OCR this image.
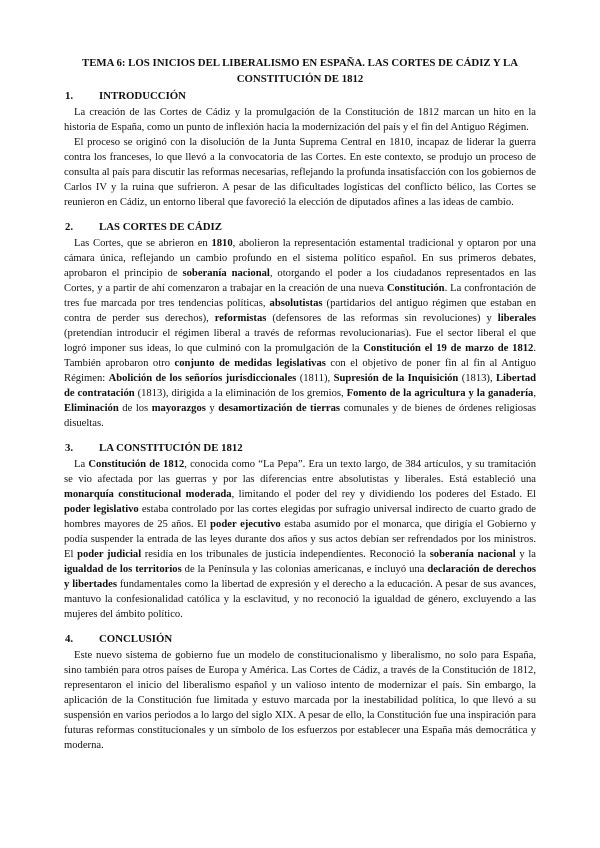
TEMA 6: LOS INICIOS DEL LIBERALISMO EN ESPAÑA. LAS CORTES DE CÁDIZ Y LA CONSTITUCIÓN DE 1812
1. INTRODUCCIÓN

La creación de las Cortes de Cádiz y la promulgación de la Constitución de 1812 marcan un hito en la historia de España, como un punto de inflexión hacia la modernización del país y el fin del Antiguo Régimen.

El proceso se originó con la disolución de la Junta Suprema Central en 1810, incapaz de liderar la guerra contra los franceses, lo que llevó a la convocatoria de las Cortes. En este contexto, se produjo un proceso de consulta al país para discutir las reformas necesarias, reflejando la profunda insatisfacción con los gobiernos de Carlos IV y la ruina que sufrieron. A pesar de las dificultades logísticas del conflicto bélico, las Cortes se reunieron en Cádiz, un entorno liberal que favoreció la elección de diputados afines a las ideas de cambio.

2. LAS CORTES DE CÁDIZ

Las Cortes, que se abrieron en 1810, abolieron la representación estamental tradicional y optaron por una cámara única, reflejando un cambio profundo en el sistema político español. En sus primeros debates, aprobaron el principio de soberanía nacional, otorgando el poder a los ciudadanos representados en las Cortes, y a partir de ahí comenzaron a trabajar en la creación de una nueva Constitución. La confrontación de tres fue marcada por tres tendencias políticas, absolutistas (partidarios del antiguo régimen que estaban en contra de perder sus derechos), reformistas (defensores de las reformas sin revoluciones) y liberales (pretendían introducir el régimen liberal a través de reformas revolucionarias). Fue el sector liberal el que logró imponer sus ideas, lo que culminó con la promulgación de la Constitución el 19 de marzo de 1812. También aprobaron otro conjunto de medidas legislativas con el objetivo de poner fin al fin al Antiguo Régimen: Abolición de los señoríos jurisdiccionales (1811), Supresión de la Inquisición (1813), Libertad de contratación (1813), dirigida a la eliminación de los gremios, Fomento de la agricultura y la ganadería, Eliminación de los mayorazgos y desamortización de tierras comunales y de bienes de órdenes religiosas disueltas.

3. LA CONSTITUCIÓN DE 1812

La Constitución de 1812, conocida como “La Pepa”. Era un texto largo, de 384 artículos, y su tramitación se vio afectada por las guerras y por las diferencias entre absolutistas y liberales. Está estableció una monarquía constitucional moderada, limitando el poder del rey y dividiendo los poderes del Estado. El poder legislativo estaba controlado por las cortes elegidas por sufragio universal indirecto de cuarto grado de hombres mayores de 25 años. El poder ejecutivo estaba asumido por el monarca, que dirigía el Gobierno y podía suspender la entrada de las leyes durante dos años y sus actos debían ser refrendados por los ministros. El poder judicial residía en los tribunales de justicia independientes. Reconoció la soberanía nacional y la igualdad de los territorios de la Península y las colonias americanas, e incluyó una declaración de derechos y libertades fundamentales como la libertad de expresión y el derecho a la educación. A pesar de sus avances, mantuvo la confesionalidad católica y la esclavitud, y no reconoció la igualdad de género, excluyendo a las mujeres del ámbito político.

4. CONCLUSIÓN

Este nuevo sistema de gobierno fue un modelo de constitucionalismo y liberalismo, no solo para España, sino también para otros países de Europa y América. Las Cortes de Cádiz, a través de la Constitución de 1812, representaron el inicio del liberalismo español y un valioso intento de modernizar el país. Sin embargo, la aplicación de la Constitución fue limitada y estuvo marcada por la inestabilidad política, lo que llevó a su suspensión en varios periodos a lo largo del siglo XIX. A pesar de ello, la Constitución fue una inspiración para futuras reformas constitucionales y un símbolo de los esfuerzos por establecer una España más democrática y moderna.
